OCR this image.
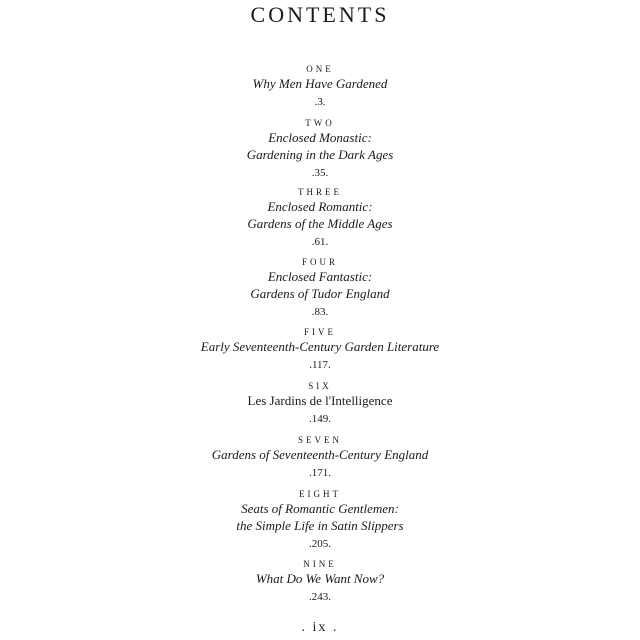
CONTENTS
ONE
Why Men Have Gardened
.3.
TWO
Enclosed Monastic:
Gardening in the Dark Ages
.35.
THREE
Enclosed Romantic:
Gardens of the Middle Ages
.61.
FOUR
Enclosed Fantastic:
Gardens of Tudor England
.83.
FIVE
Early Seventeenth-Century Garden Literature
.117.
SIX
Les Jardins de l'Intelligence
.149.
SEVEN
Gardens of Seventeenth-Century England
.171.
EIGHT
Seats of Romantic Gentlemen:
the Simple Life in Satin Slippers
.205.
NINE
What Do We Want Now?
.243.
. ix .
